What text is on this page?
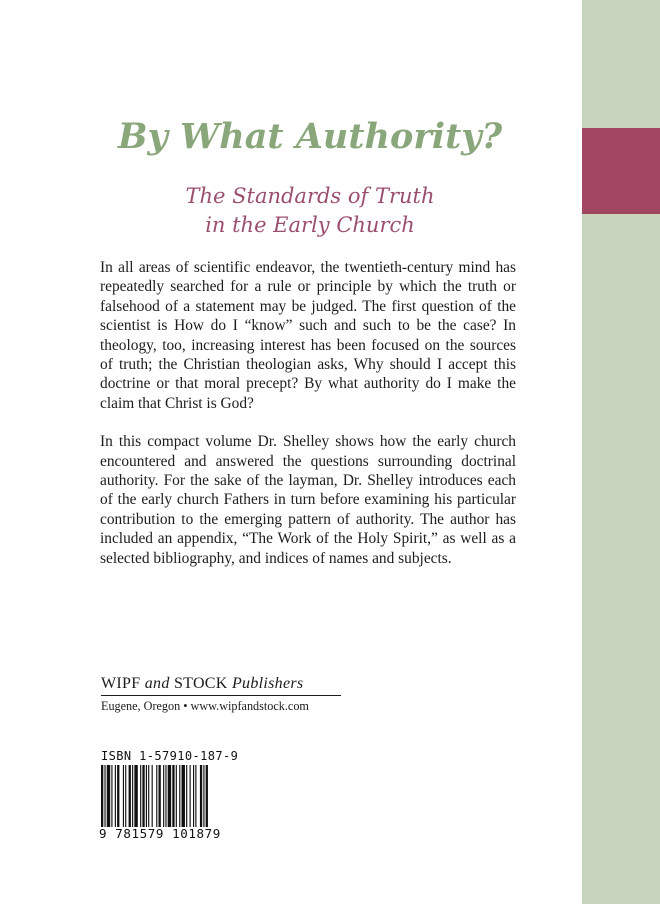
By What Authority?
The Standards of Truth
in the Early Church

In all areas of scientific endeavor, the twentieth-century mind has repeatedly searched for a rule or principle by which the truth or falsehood of a statement may be judged. The first question of the scientist is How do I “know” such and such to be the case? In theology, too, increasing interest has been focused on the sources of truth; the Christian theologian asks, Why should I accept this doctrine or that moral precept? By what authority do I make the claim that Christ is God?

In this compact volume Dr. Shelley shows how the early church encountered and answered the questions surrounding doctrinal authority. For the sake of the layman, Dr. Shelley introduces each of the early church Fathers in turn before examining his particular contribution to the emerging pattern of authority. The author has included an appendix, “The Work of the Holy Spirit,” as well as a selected bibliography, and indices of names and subjects.

WIPF and STOCK Publishers
Eugene, Oregon • www.wipfandstock.com
ISBN 1-57910-187-9
9 781579 101879
